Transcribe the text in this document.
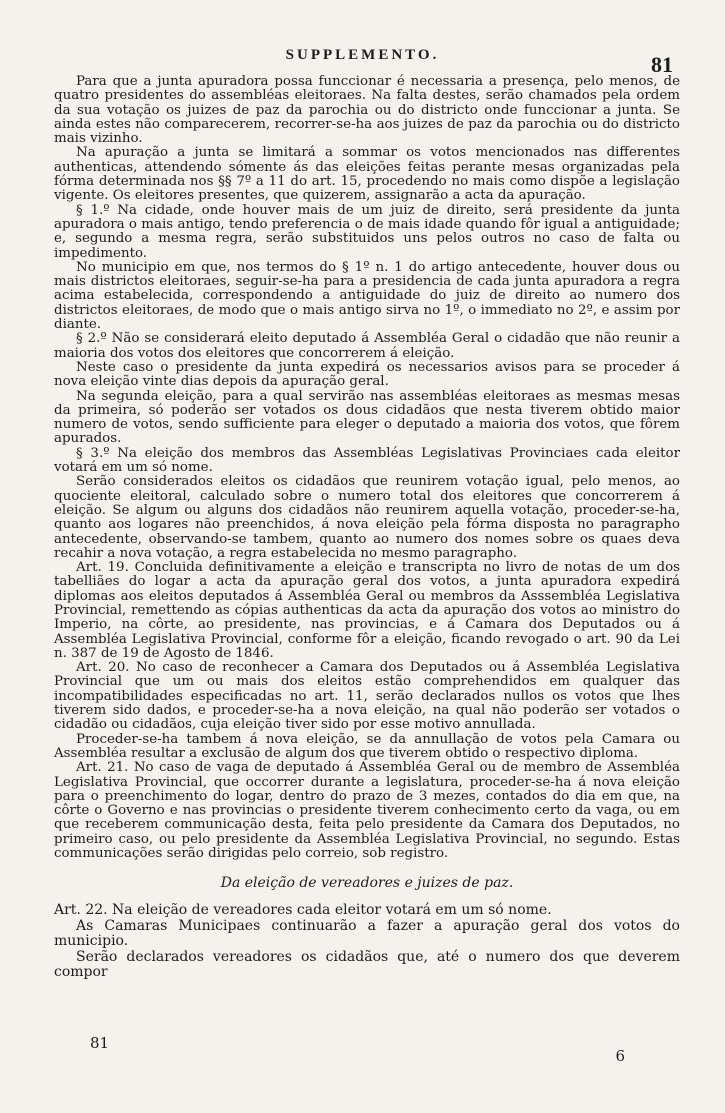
SUPPLEMENTO.	81

Para que a junta apuradora possa funccionar é necessaria a presença, pelo menos, de quatro presidentes do assembléas eleitoraes. Na falta destes, serão chamados pela ordem da sua votação os juizes de paz da parochia ou do districto onde funccionar a junta. Se ainda estes não comparecerem, recorrer-se-ha aos juizes de paz da parochia ou do districto mais vizinho.

Na apuração a junta se limitará a sommar os votos mencionados nas differentes authenticas, attendendo sómente ás das eleições feitas perante mesas organizadas pela fórma determinada nos §§ 7º a 11 do art. 15, procedendo no mais como dispõe a legislação vigente. Os eleitores presentes, que quizerem, assignarão a acta da apuração.

§ 1.º Na cidade, onde houver mais de um juiz de direito, será presidente da junta apuradora o mais antigo, tendo preferencia o de mais idade quando fôr igual a antiguidade; e, segundo a mesma regra, serão substituidos uns pelos outros no caso de falta ou impedimento.

No municipio em que, nos termos do § 1º n. 1 do artigo antecedente, houver dous ou mais districtos eleitoraes, seguir-se-ha para a presidencia de cada junta apuradora a regra acima estabelecida, correspondendo a antiguidade do juiz de direito ao numero dos districtos eleitoraes, de modo que o mais antigo sirva no 1º, o immediato no 2º, e assim por diante.

§ 2.º Não se considerará eleito deputado á Assembléa Geral o cidadão que não reunir a maioria dos votos dos eleitores que concorrerem á eleição.

Neste caso o presidente da junta expedirá os necessarios avisos para se proceder á nova eleição vinte dias depois da apuração geral.

Na segunda eleição, para a qual servirão nas assembléas eleitoraes as mesmas mesas da primeira, só poderão ser votados os dous cidadãos que nesta tiverem obtido maior numero de votos, sendo sufficiente para eleger o deputado a maioria dos votos, que fôrem apurados.

§ 3.º Na eleição dos membros das Assembléas Legislativas Provinciaes cada eleitor votará em um só nome.

Serão considerados eleitos os cidadãos que reunirem votação igual, pelo menos, ao quociente eleitoral, calculado sobre o numero total dos eleitores que concorrerem á eleição. Se algum ou alguns dos cidadãos não reunirem aquella votação, proceder-se-ha, quanto aos logares não preenchidos, á nova eleição pela fórma disposta no paragrapho antecedente, observando-se tambem, quanto ao numero dos nomes sobre os quaes deva recahir a nova votação, a regra estabelecida no mesmo paragrapho.

Art. 19. Concluida definitivamente a eleição e transcripta no livro de notas de um dos tabelliães do logar a acta da apuração geral dos votos, a junta apuradora expedirá diplomas aos eleitos deputados á Assembléa Geral ou membros da Asssembléa Legislativa Provincial, remettendo as cópias authenticas da acta da apuração dos votos ao ministro do Imperio, na côrte, ao presidente, nas provincias, e á Camara dos Deputados ou á Assembléa Legislativa Provincial, conforme fôr a eleição, ficando revogado o art. 90 da Lei n. 387 de 19 de Agosto de 1846.

Art. 20. No caso de reconhecer a Camara dos Deputados ou á Assembléa Legislativa Provincial que um ou mais dos eleitos estão comprehendidos em qualquer das incompatibilidades especificadas no art. 11, serão declarados nullos os votos que lhes tiverem sido dados, e proceder-se-ha a nova eleição, na qual não poderão ser votados o cidadão ou cidadãos, cuja eleição tiver sido por esse motivo annullada.

Proceder-se-ha tambem á nova eleição, se da annullação de votos pela Camara ou Assembléa resultar a exclusão de algum dos que tiverem obtido o respectivo diploma.

Art. 21. No caso de vaga de deputado á Assembléa Geral ou de membro de Assembléa Legislativa Provincial, que occorrer durante a legislatura, proceder-se-ha á nova eleição para o preenchimento do logar, dentro do prazo de 3 mezes, contados do dia em que, na côrte o Governo e nas provincias o presidente tiverem conhecimento certo da vaga, ou em que receberem communicação desta, feita pelo presidente da Camara dos Deputados, no primeiro caso, ou pelo presidente da Assembléa Legislativa Provincial, no segundo. Estas communicações serão dirigidas pelo correio, sob registro.

Da eleição de vereadores e juizes de paz.

Art. 22. Na eleição de vereadores cada eleitor votará em um só nome.

As Camaras Municipaes continuarão a fazer a apuração geral dos votos do municipio.

Serão declarados vereadores os cidadãos que, até o numero dos que deverem compor

81
6
